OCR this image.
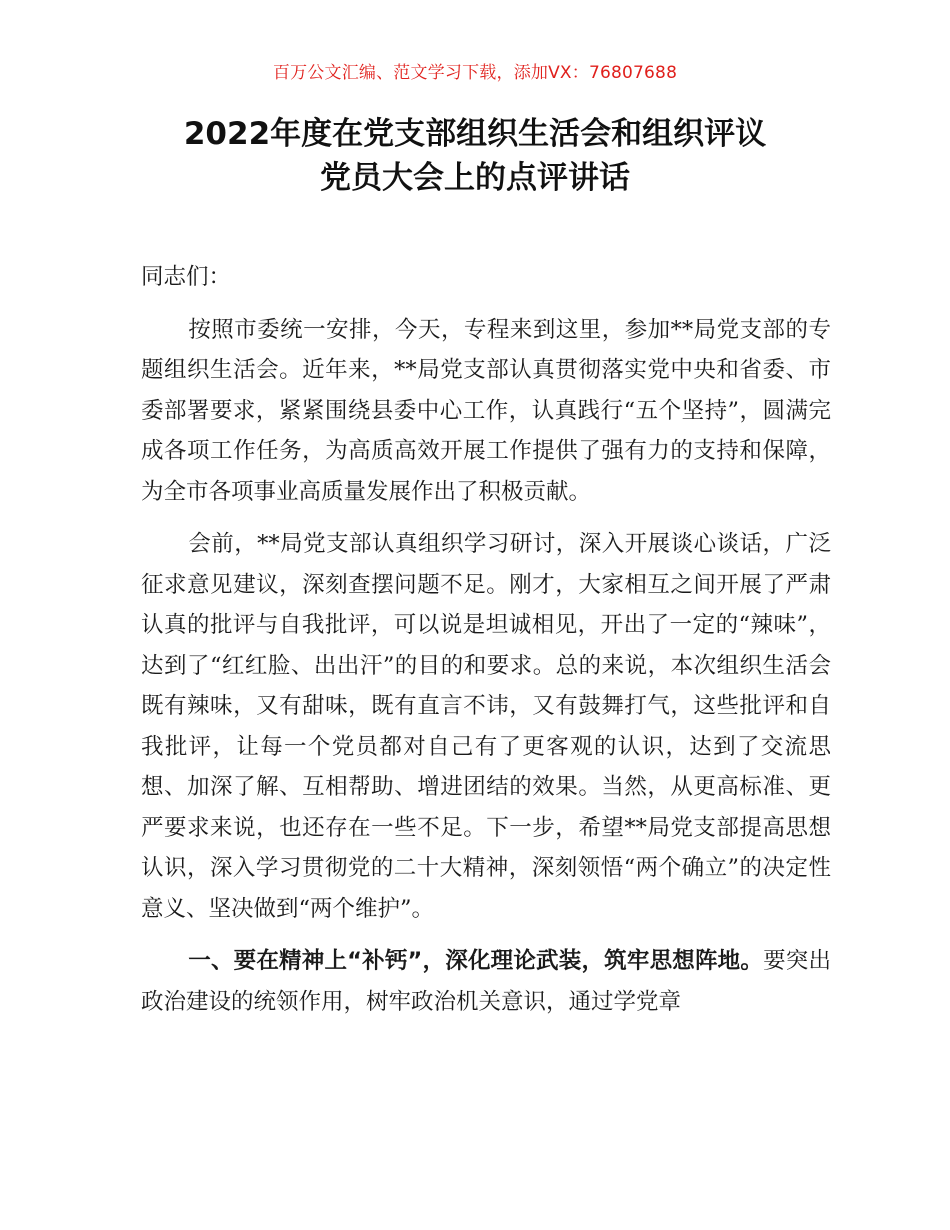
百万公文汇编、范文学习下载，添加VX：76807688
2022年度在党支部组织生活会和组织评议
党员大会上的点评讲话

同志们：

按照市委统一安排，今天，专程来到这里，参加**局党支部的专题组织生活会。近年来，**局党支部认真贯彻落实党中央和省委、市委部署要求，紧紧围绕县委中心工作，认真践行“五个坚持”，圆满完成各项工作任务，为高质高效开展工作提供了强有力的支持和保障，为全市各项事业高质量发展作出了积极贡献。

会前，**局党支部认真组织学习研讨，深入开展谈心谈话，广泛征求意见建议，深刻查摆问题不足。刚才，大家相互之间开展了严肃认真的批评与自我批评，可以说是坦诚相见，开出了一定的“辣味”，达到了“红红脸、出出汗”的目的和要求。总的来说，本次组织生活会既有辣味，又有甜味，既有直言不讳，又有鼓舞打气，这些批评和自我批评，让每一个党员都对自己有了更客观的认识，达到了交流思想、加深了解、互相帮助、增进团结的效果。当然，从更高标准、更严要求来说，也还存在一些不足。下一步，希望**局党支部提高思想认识，深入学习贯彻党的二十大精神，深刻领悟“两个确立”的决定性意义、坚决做到“两个维护”。

一、要在精神上“补钙”，深化理论武装，筑牢思想阵地。要突出政治建设的统领作用，树牢政治机关意识，通过学党章
